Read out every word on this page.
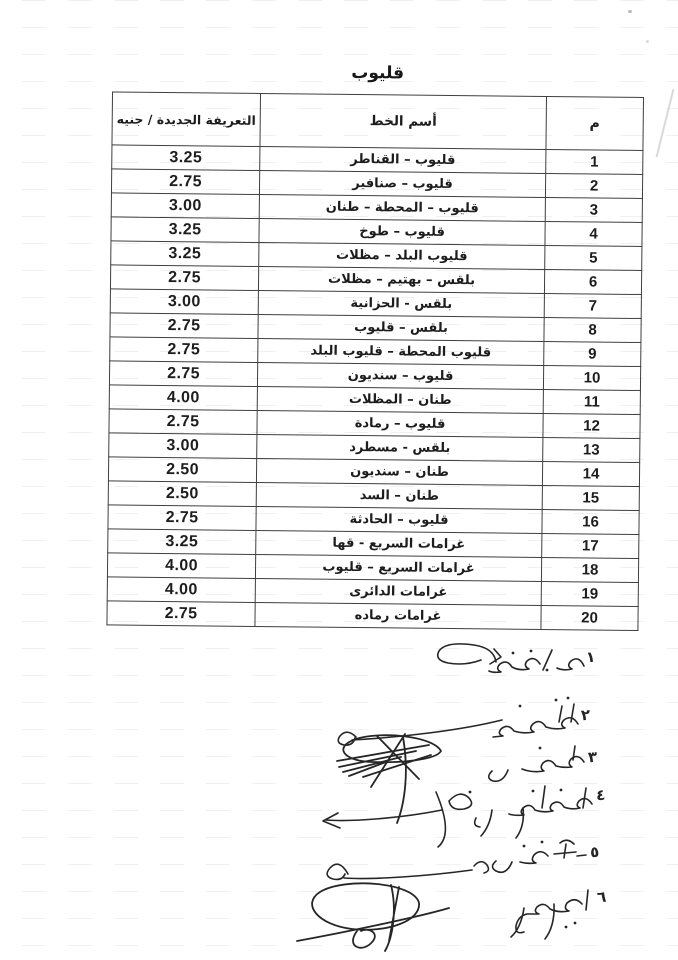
قليوب
م	أسم الخط	التعريفة الجديدة / جنيه
1	قليوب – القناطر	3.25
2	قليوب – صنافير	2.75
3	قليوب – المحطة – طنان	3.00
4	قليوب – طوخ	3.25
5	قليوب البلد – مظلات	3.25
6	بلقس – بهتيم – مظلات	2.75
7	بلقس - الحزانية	3.00
8	بلقس – قليوب	2.75
9	قليوب المحطة – قليوب البلد	2.75
10	قليوب – سنديون	2.75
11	طنان – المظلات	4.00
12	قليوب – رمادة	2.75
13	بلقس - مسطرد	3.00
14	طنان – سنديون	2.50
15	طنان – السد	2.50
16	قليوب – الحادثة	2.75
17	غرامات السريع - قها	3.25
18	غرامات السريع – قليوب	4.00
19	غرامات الدائرى	4.00
20	غرامات رماده	2.75
١
٢
٣
٤
٥
٦
